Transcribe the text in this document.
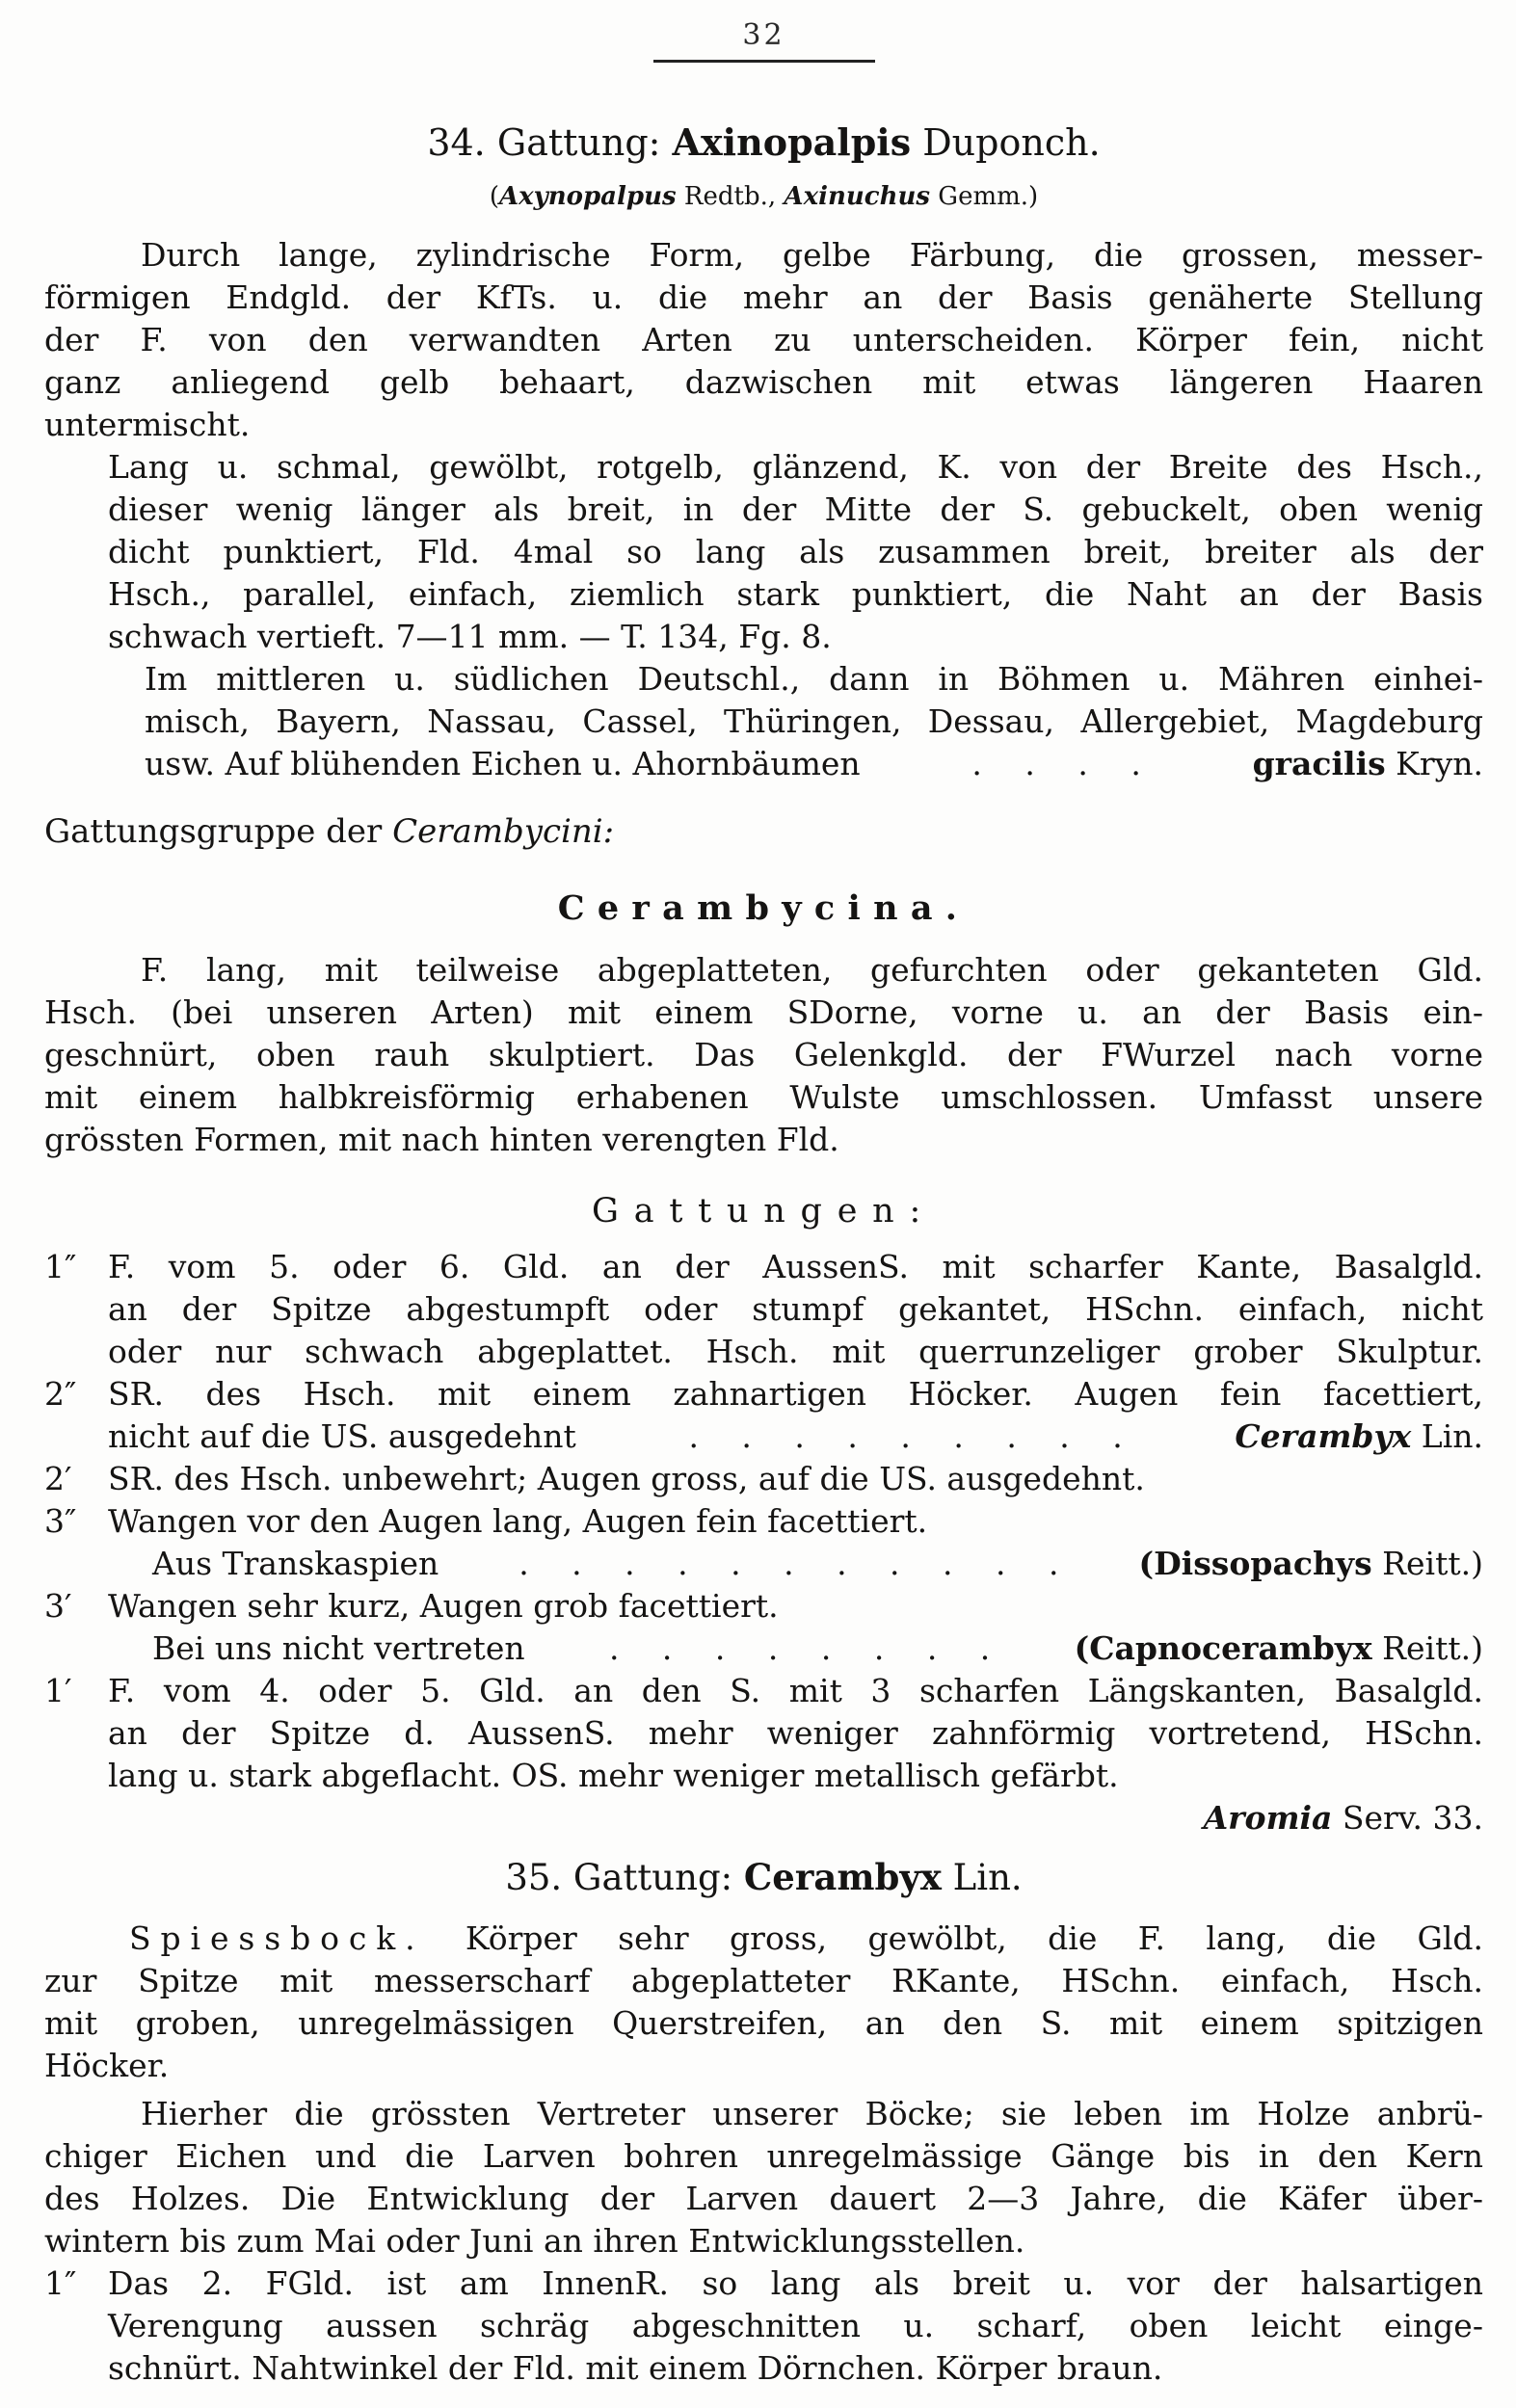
32
34. Gattung: Axinopalpis Duponch.
(Axynopalpus Redtb., Axinuchus Gemm.)
Durch lange, zylindrische Form, gelbe Färbung, die grossen, messer-
förmigen Endgld. der KfTs. u. die mehr an der Basis genäherte Stellung
der F. von den verwandten Arten zu unterscheiden. Körper fein, nicht
ganz anliegend gelb behaart, dazwischen mit etwas längeren Haaren
untermischt.
Lang u. schmal, gewölbt, rotgelb, glänzend, K. von der Breite des Hsch.,
dieser wenig länger als breit, in der Mitte der S. gebuckelt, oben wenig
dicht punktiert, Fld. 4mal so lang als zusammen breit, breiter als der
Hsch., parallel, einfach, ziemlich stark punktiert, die Naht an der Basis
schwach vertieft. 7—11 mm. — T. 134, Fg. 8.
Im mittleren u. südlichen Deutschl., dann in Böhmen u. Mähren einhei-
misch, Bayern, Nassau, Cassel, Thüringen, Dessau, Allergebiet, Magdeburg
usw. Auf blühenden Eichen u. Ahornbäumen	. . . .	gracilis Kryn.
Gattungsgruppe der Cerambycini:
Cerambycina.
F. lang, mit teilweise abgeplatteten, gefurchten oder gekanteten Gld.
Hsch. (bei unseren Arten) mit einem SDorne, vorne u. an der Basis ein-
geschnürt, oben rauh skulptiert. Das Gelenkgld. der FWurzel nach vorne
mit einem halbkreisförmig erhabenen Wulste umschlossen. Umfasst unsere
grössten Formen, mit nach hinten verengten Fld.
Gattungen:
1″ F. vom 5. oder 6. Gld. an der AussenS. mit scharfer Kante, Basalgld.
an der Spitze abgestumpft oder stumpf gekantet, HSchn. einfach, nicht
oder nur schwach abgeplattet. Hsch. mit querrunzeliger grober Skulptur.
2″ SR. des Hsch. mit einem zahnartigen Höcker. Augen fein facettiert,
nicht auf die US. ausgedehnt	. . . . . . . . .	Cerambyx Lin.
2′ SR. des Hsch. unbewehrt; Augen gross, auf die US. ausgedehnt.
3″ Wangen vor den Augen lang, Augen fein facettiert.
Aus Transkaspien	. . . . . . . . . . .	(Dissopachys Reitt.)
3′ Wangen sehr kurz, Augen grob facettiert.
Bei uns nicht vertreten	. . . . . . . .	(Capnocerambyx Reitt.)
1′ F. vom 4. oder 5. Gld. an den S. mit 3 scharfen Längskanten, Basalgld.
an der Spitze d. AussenS. mehr weniger zahnförmig vortretend, HSchn.
lang u. stark abgeflacht. OS. mehr weniger metallisch gefärbt.
Aromia Serv. 33.
35. Gattung: Cerambyx Lin.
Spiessbock. Körper sehr gross, gewölbt, die F. lang, die Gld.
zur Spitze mit messerscharf abgeplatteter RKante, HSchn. einfach, Hsch.
mit groben, unregelmässigen Querstreifen, an den S. mit einem spitzigen
Höcker.
Hierher die grössten Vertreter unserer Böcke; sie leben im Holze anbrü-
chiger Eichen und die Larven bohren unregelmässige Gänge bis in den Kern
des Holzes. Die Entwicklung der Larven dauert 2—3 Jahre, die Käfer über-
wintern bis zum Mai oder Juni an ihren Entwicklungsstellen.
1″ Das 2. FGld. ist am InnenR. so lang als breit u. vor der halsartigen
Verengung aussen schräg abgeschnitten u. scharf, oben leicht einge-
schnürt. Nahtwinkel der Fld. mit einem Dörnchen. Körper braun.
